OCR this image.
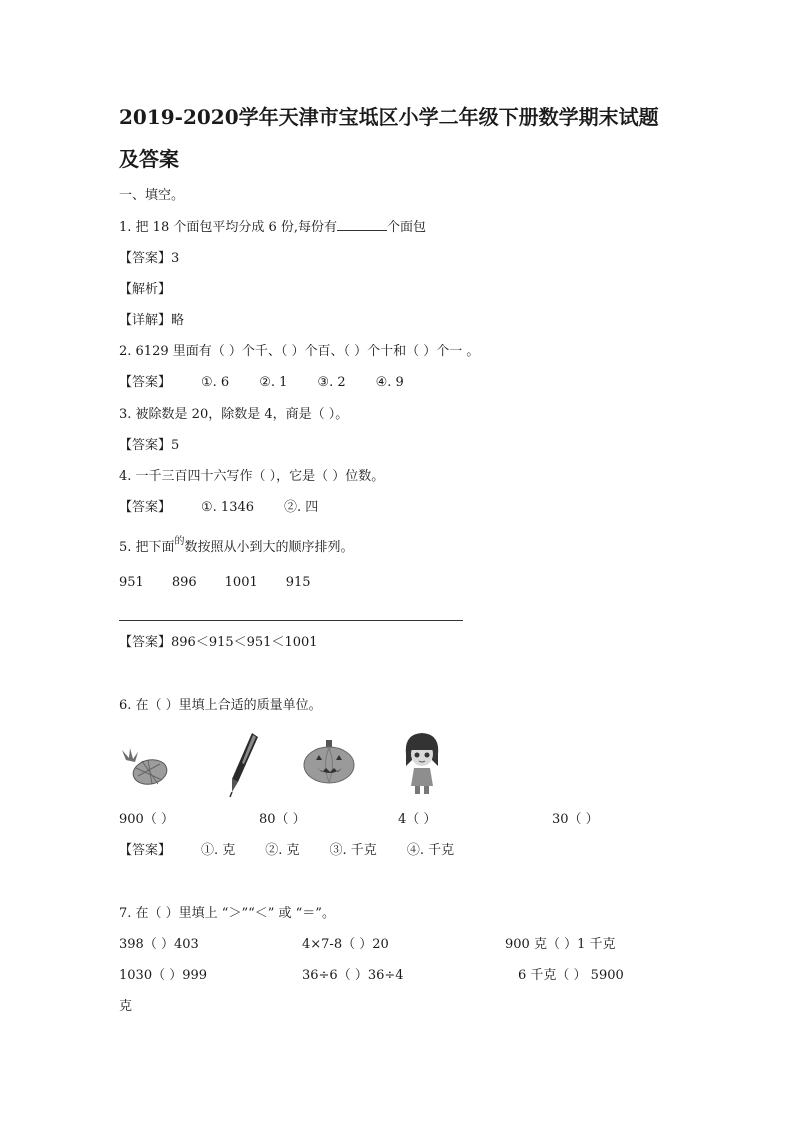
2019-2020学年天津市宝坻区小学二年级下册数学期末试题
及答案
一、填空。
1. 把 18 个面包平均分成 6 份,每份有	个面包
【答案】3
【解析】
【详解】略
2. 6129 里面有（ ）个千、（ ）个百、（ ）个十和（ ）个一 。
【答案】 ①. 6 ②. 1 ③. 2 ④. 9
3. 被除数是 20，除数是 4，商是（ ）。
【答案】5
4. 一千三百四十六写作（ ），它是（ ）位数。
【答案】 ①. 1346 ②. 四
5. 把下面$^的$数按照从小到大的顺序排列。
951 896 1001 915
【答案】896＜915＜951＜1001
6. 在（ ）里填上合适的质量单位。
900（ ）	80（ ）	4（ ）	30（ ）
【答案】 ①. 克 ②. 克 ③. 千克 ④. 千克
7. 在（ ）里填上 “＞”“＜” 或 “＝”。
398（ ）403	4×7-8（ ）20	900 克（ ）1 千克
1030（ ）999	36÷6（ ）36÷4	6 千克（ ） 5900
克
